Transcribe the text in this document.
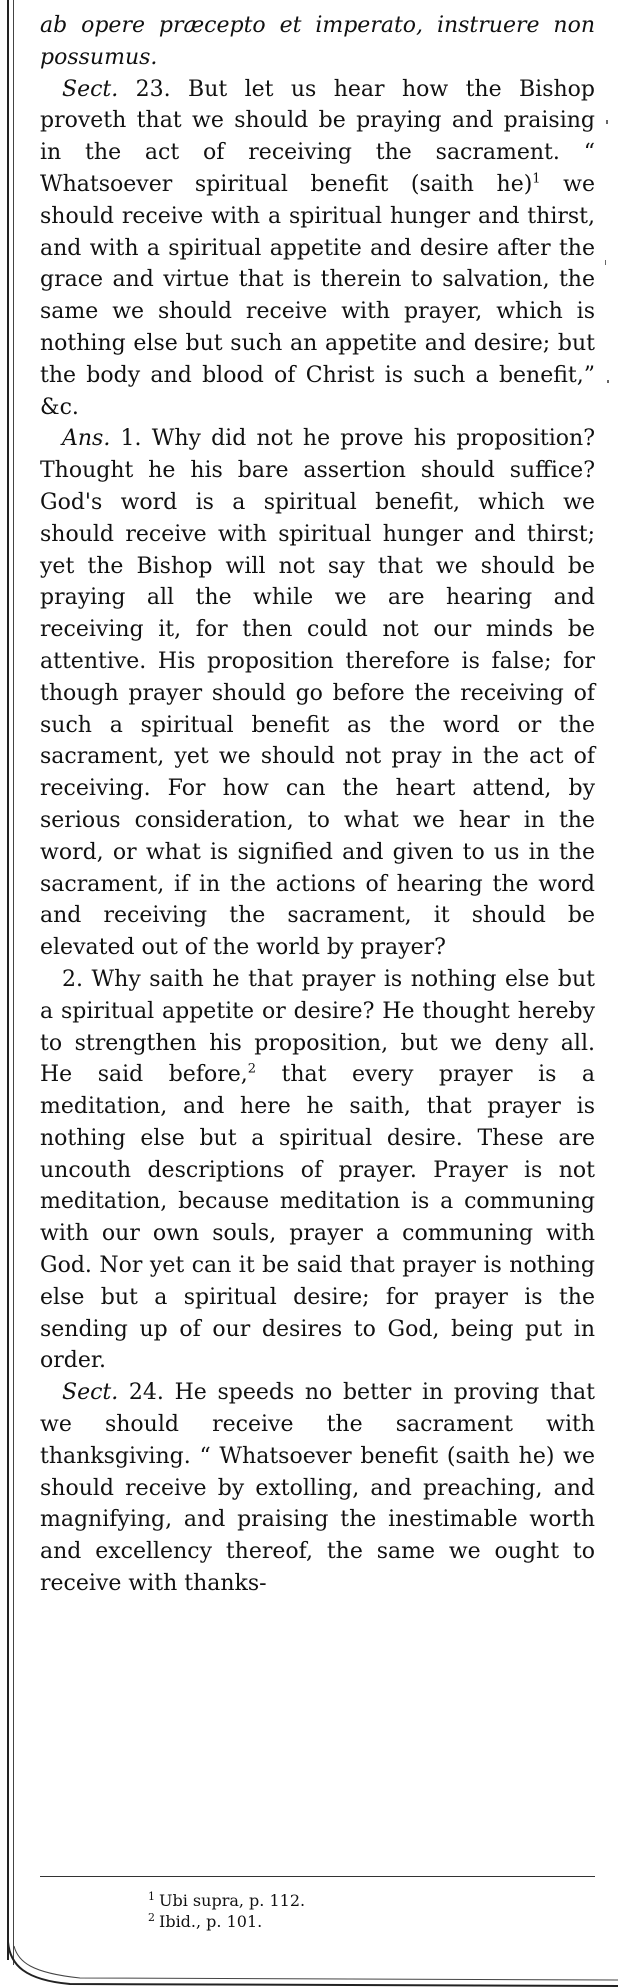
ab opere præcepto et imperato, instruere non possumus.

Sect. 23. But let us hear how the Bishop proveth that we should be praying and praising in the act of receiving the sacrament. “ Whatsoever spiritual benefit (saith he)$^1$ we should receive with a spiritual hunger and thirst, and with a spiritual appetite and desire after the grace and virtue that is therein to salvation, the same we should receive with prayer, which is nothing else but such an appetite and desire; but the body and blood of Christ is such a benefit,” &c.

Ans. 1. Why did not he prove his proposition? Thought he his bare assertion should suffice? God's word is a spiritual benefit, which we should receive with spiritual hunger and thirst; yet the Bishop will not say that we should be praying all the while we are hearing and receiving it, for then could not our minds be attentive. His proposition therefore is false; for though prayer should go before the receiving of such a spiritual benefit as the word or the sacrament, yet we should not pray in the act of receiving. For how can the heart attend, by serious consideration, to what we hear in the word, or what is signified and given to us in the sacrament, if in the actions of hearing the word and receiving the sacrament, it should be elevated out of the world by prayer?

2. Why saith he that prayer is nothing else but a spiritual appetite or desire? He thought hereby to strengthen his proposition, but we deny all. He said before,$^2$ that every prayer is a meditation, and here he saith, that prayer is nothing else but a spiritual desire. These are uncouth descriptions of prayer. Prayer is not meditation, because meditation is a communing with our own souls, prayer a communing with God. Nor yet can it be said that prayer is nothing else but a spiritual desire; for prayer is the sending up of our desires to God, being put in order.

Sect. 24. He speeds no better in proving that we should receive the sacrament with thanksgiving. “ Whatsoever benefit (saith he) we should receive by extolling, and preaching, and magnifying, and praising the inestimable worth and excellency thereof, the same we ought to receive with thanks-

$^1$ Ubi supra, p. 112.
$^2$ Ibid., p. 101.
